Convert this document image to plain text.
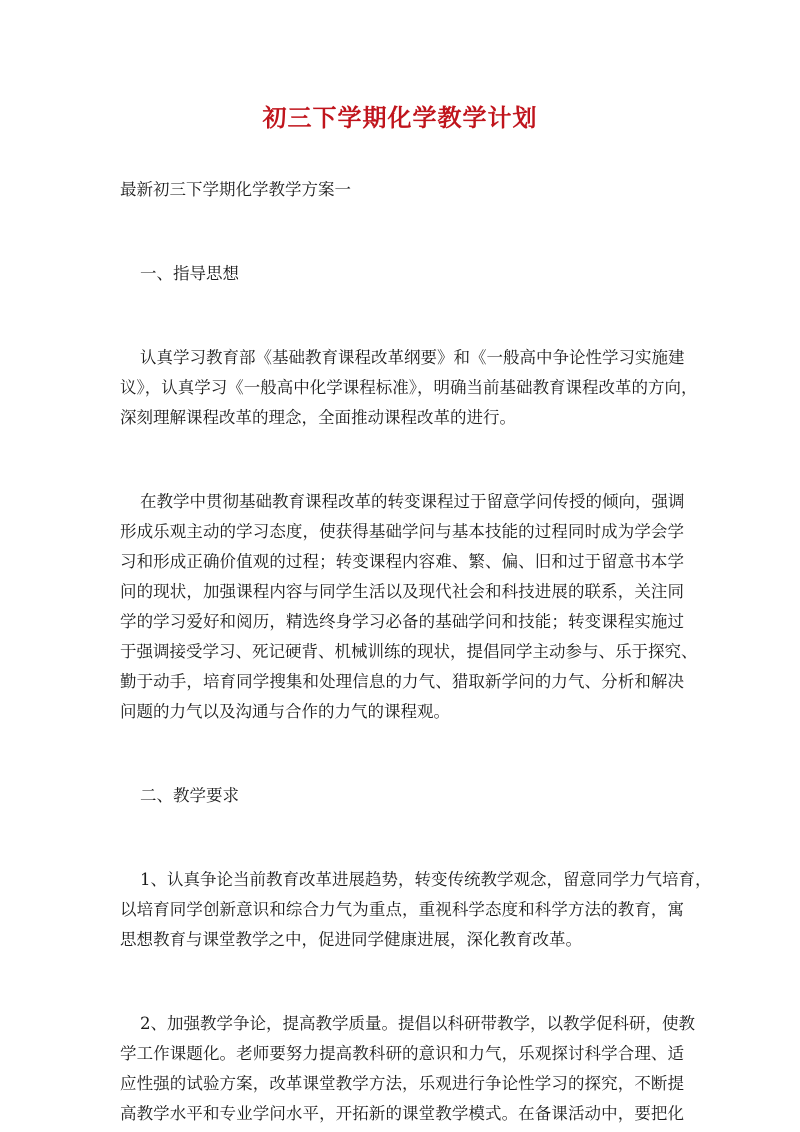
初三下学期化学教学计划
最新初三下学期化学教学方案一
一、指导思想
认真学习教育部《基础教育课程改革纲要》和《一般高中争论性学习实施建
议》，认真学习《一般高中化学课程标准》，明确当前基础教育课程改革的方向，
深刻理解课程改革的理念，全面推动课程改革的进行。
在教学中贯彻基础教育课程改革的转变课程过于留意学问传授的倾向，强调
形成乐观主动的学习态度，使获得基础学问与基本技能的过程同时成为学会学
习和形成正确价值观的过程；转变课程内容难、繁、偏、旧和过于留意书本学
问的现状，加强课程内容与同学生活以及现代社会和科技进展的联系，关注同
学的学习爱好和阅历，精选终身学习必备的基础学问和技能；转变课程实施过
于强调接受学习、死记硬背、机械训练的现状，提倡同学主动参与、乐于探究、
勤于动手，培育同学搜集和处理信息的力气、猎取新学问的力气、分析和解决
问题的力气以及沟通与合作的力气的课程观。
二、教学要求
1、认真争论当前教育改革进展趋势，转变传统教学观念，留意同学力气培育，
以培育同学创新意识和综合力气为重点，重视科学态度和科学方法的教育，寓
思想教育与课堂教学之中，促进同学健康进展，深化教育改革。
2、加强教学争论，提高教学质量。提倡以科研带教学，以教学促科研，使教
学工作课题化。老师要努力提高教科研的意识和力气，乐观探讨科学合理、适
应性强的试验方案，改革课堂教学方法，乐观进行争论性学习的探究，不断提
高教学水平和专业学问水平，开拓新的课堂教学模式。在备课活动中，要把化
